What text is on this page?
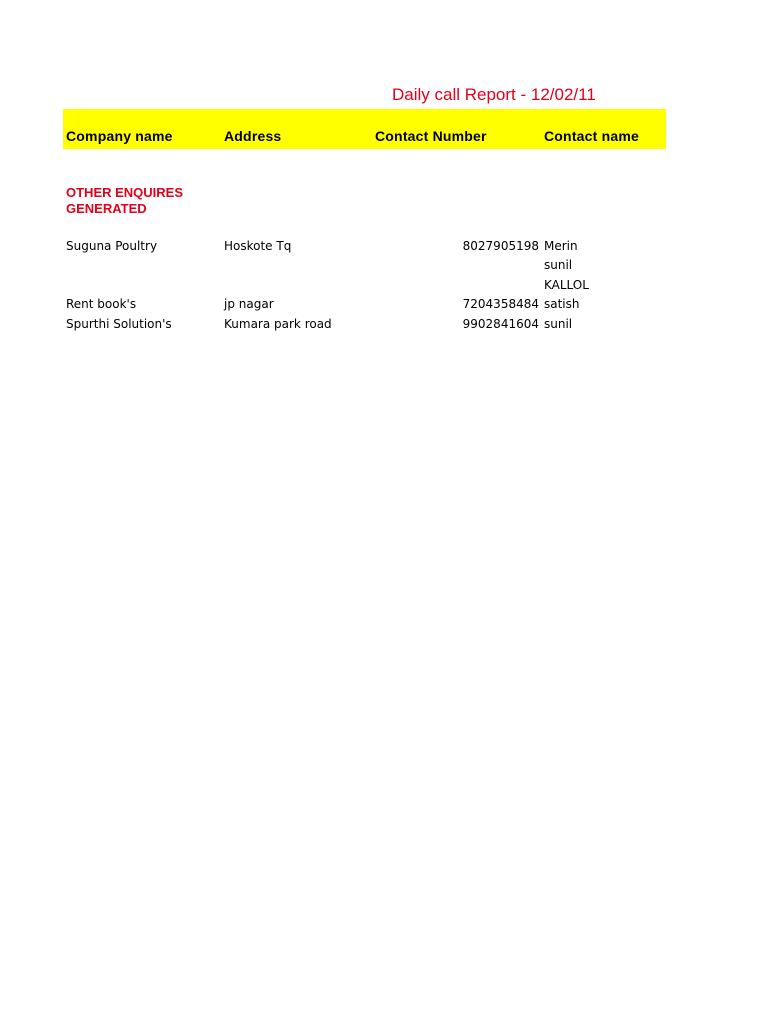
Daily call Report - 12/02/11
Company name	Address	Contact Number	Contact name
OTHER ENQUIRES GENERATED
Suguna Poultry	Hoskote Tq	8027905198 Merin
sunil
KALLOL
Rent book's	jp nagar	7204358484 satish
Spurthi Solution's	Kumara park road	9902841604 sunil
